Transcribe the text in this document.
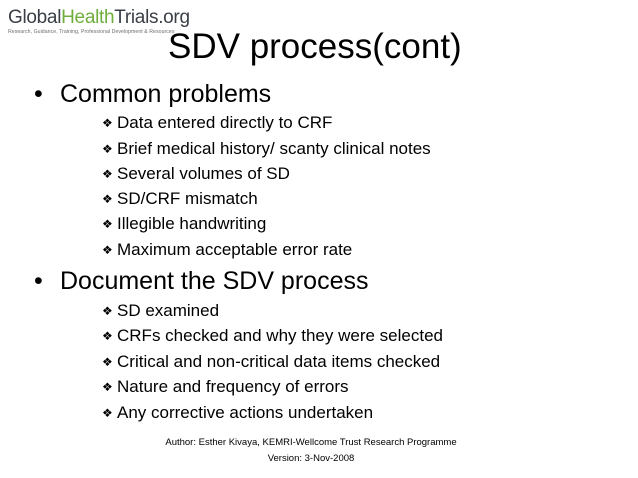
GlobalHealthTrials.org
Research, Guidance, Training, Professional Development & Resources
SDV process(cont)
• Common problems
❖ Data entered directly to CRF
❖ Brief medical history/ scanty clinical notes
❖ Several volumes of SD
❖ SD/CRF mismatch
❖ Illegible handwriting
❖ Maximum acceptable error rate
• Document the SDV process
❖ SD examined
❖ CRFs checked and why they were selected
❖ Critical and non-critical data items checked
❖ Nature and frequency of errors
❖ Any corrective actions undertaken
Author: Esther Kivaya, KEMRI-Wellcome Trust Research Programme
Version: 3-Nov-2008
